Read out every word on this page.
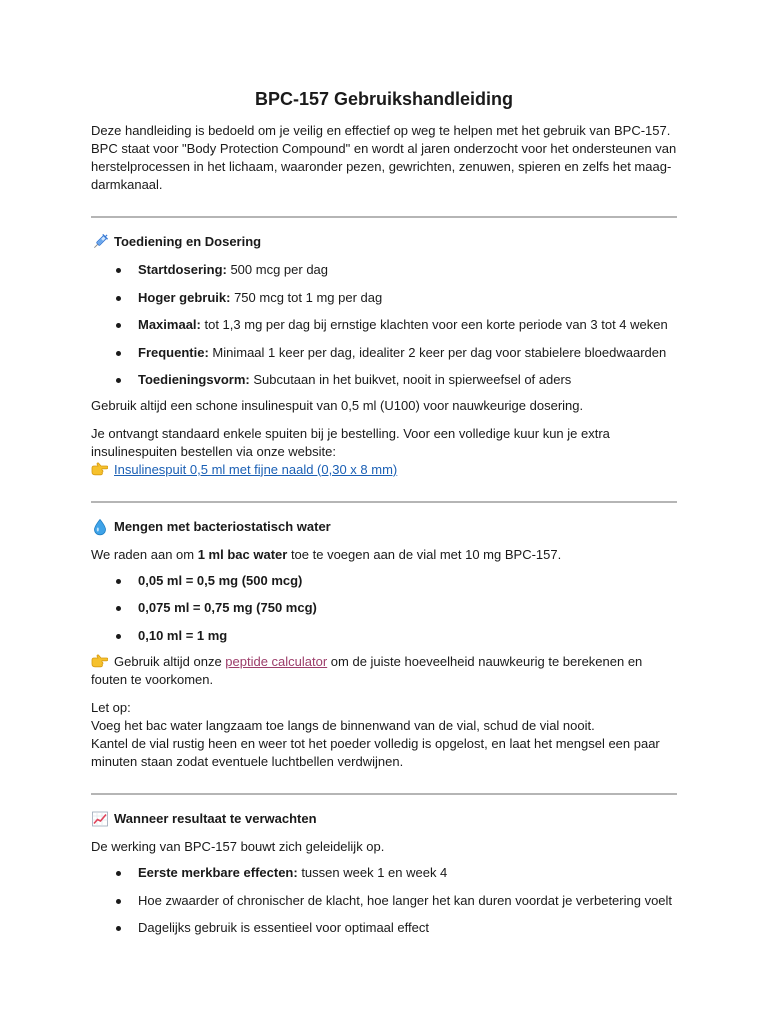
BPC-157 Gebruikshandleiding

Deze handleiding is bedoeld om je veilig en effectief op weg te helpen met het gebruik van BPC-157. BPC staat voor "Body Protection Compound" en wordt al jaren onderzocht voor het ondersteunen van herstelprocessen in het lichaam, waaronder pezen, gewrichten, zenuwen, spieren en zelfs het maag-darmkanaal.

Toediening en Dosering
Startdosering: 500 mcg per dag
Hoger gebruik: 750 mcg tot 1 mg per dag
Maximaal: tot 1,3 mg per dag bij ernstige klachten voor een korte periode van 3 tot 4 weken
Frequentie: Minimaal 1 keer per dag, idealiter 2 keer per dag voor stabielere bloedwaarden
Toedieningsvorm: Subcutaan in het buikvet, nooit in spierweefsel of aders

Gebruik altijd een schone insulinespuit van 0,5 ml (U100) voor nauwkeurige dosering.

Je ontvangt standaard enkele spuiten bij je bestelling. Voor een volledige kuur kun je extra insulinespuiten bestellen via onze website:

Insulinespuit 0,5 ml met fijne naald (0,30 x 8 mm)

Mengen met bacteriostatisch water

We raden aan om 1 ml bac water toe te voegen aan de vial met 10 mg BPC-157.

0,05 ml = 0,5 mg (500 mcg)
0,075 ml = 0,75 mg (750 mcg)
0,10 ml = 1 mg

Gebruik altijd onze peptide calculator om de juiste hoeveelheid nauwkeurig te berekenen en fouten te voorkomen.

Let op:

Voeg het bac water langzaam toe langs de binnenwand van de vial, schud de vial nooit.

Kantel de vial rustig heen en weer tot het poeder volledig is opgelost, en laat het mengsel een paar minuten staan zodat eventuele luchtbellen verdwijnen.

Wanneer resultaat te verwachten

De werking van BPC-157 bouwt zich geleidelijk op.

Eerste merkbare effecten: tussen week 1 en week 4
Hoe zwaarder of chronischer de klacht, hoe langer het kan duren voordat je verbetering voelt
Dagelijks gebruik is essentieel voor optimaal effect
